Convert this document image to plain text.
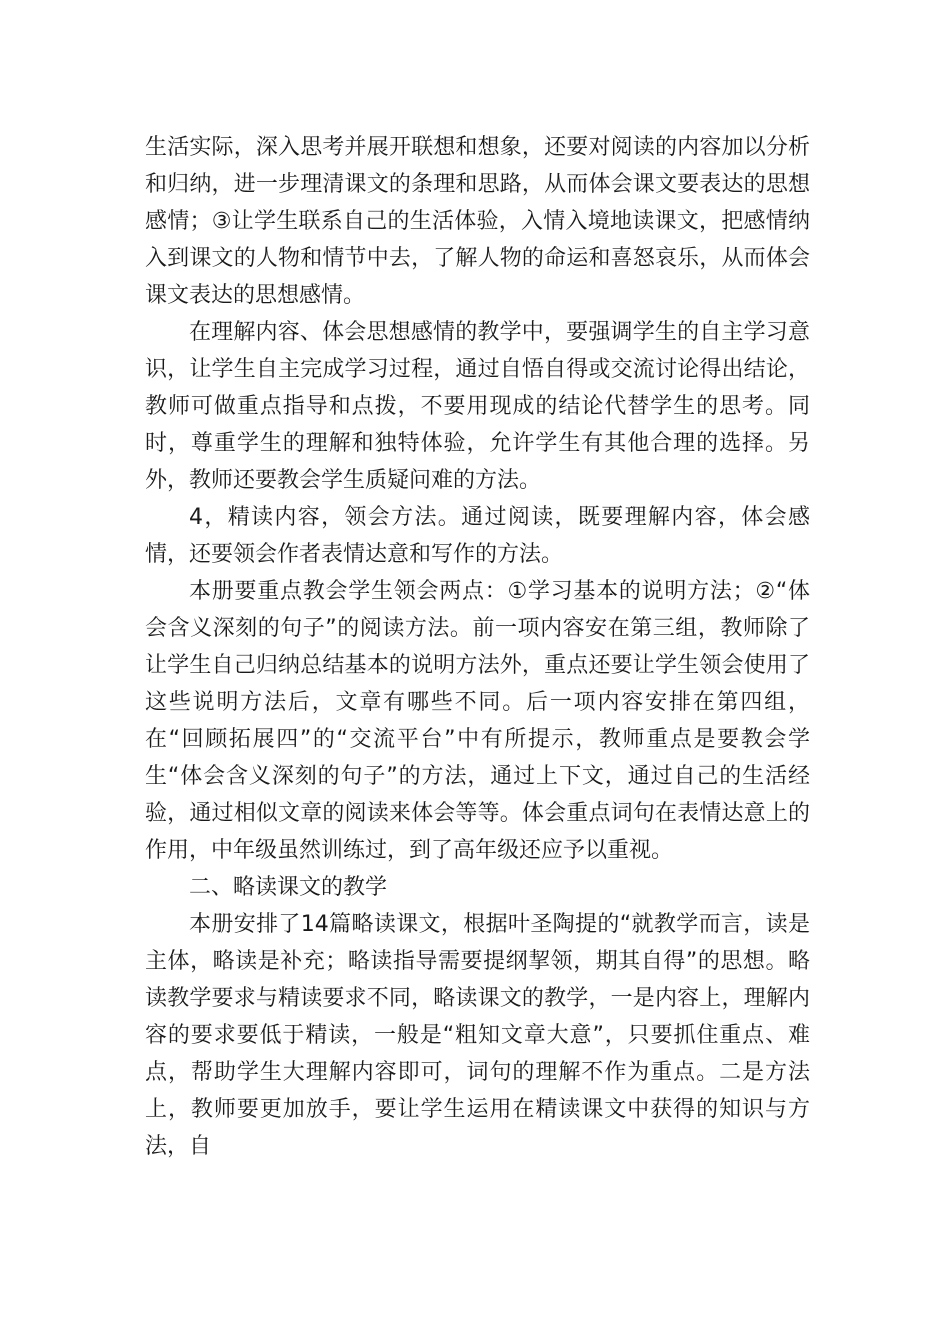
生活实际，深入思考并展开联想和想象，还要对阅读的内容加以分析和归纳，进一步理清课文的条理和思路，从而体会课文要表达的思想感情；③让学生联系自己的生活体验，入情入境地读课文，把感情纳入到课文的人物和情节中去，了解人物的命运和喜怒哀乐，从而体会课文表达的思想感情。

在理解内容、体会思想感情的教学中，要强调学生的自主学习意识，让学生自主完成学习过程，通过自悟自得或交流讨论得出结论，教师可做重点指导和点拨，不要用现成的结论代替学生的思考。同时，尊重学生的理解和独特体验，允许学生有其他合理的选择。另外，教师还要教会学生质疑问难的方法。

4，精读内容，领会方法。通过阅读，既要理解内容，体会感情，还要领会作者表情达意和写作的方法。

本册要重点教会学生领会两点：①学习基本的说明方法；②“体会含义深刻的句子”的阅读方法。前一项内容安在第三组，教师除了让学生自己归纳总结基本的说明方法外，重点还要让学生领会使用了这些说明方法后，文章有哪些不同。后一项内容安排在第四组，在“回顾拓展四”的“交流平台”中有所提示，教师重点是要教会学生“体会含义深刻的句子”的方法，通过上下文，通过自己的生活经验，通过相似文章的阅读来体会等等。体会重点词句在表情达意上的作用，中年级虽然训练过，到了高年级还应予以重视。

二、略读课文的教学

本册安排了14篇略读课文，根据叶圣陶提的“就教学而言，读是主体，略读是补充；略读指导需要提纲挈领，期其自得”的思想。略读教学要求与精读要求不同，略读课文的教学，一是内容上，理解内容的要求要低于精读，一般是“粗知文章大意”，只要抓住重点、难点，帮助学生大理解内容即可，词句的理解不作为重点。二是方法上，教师要更加放手，要让学生运用在精读课文中获得的知识与方法，自
